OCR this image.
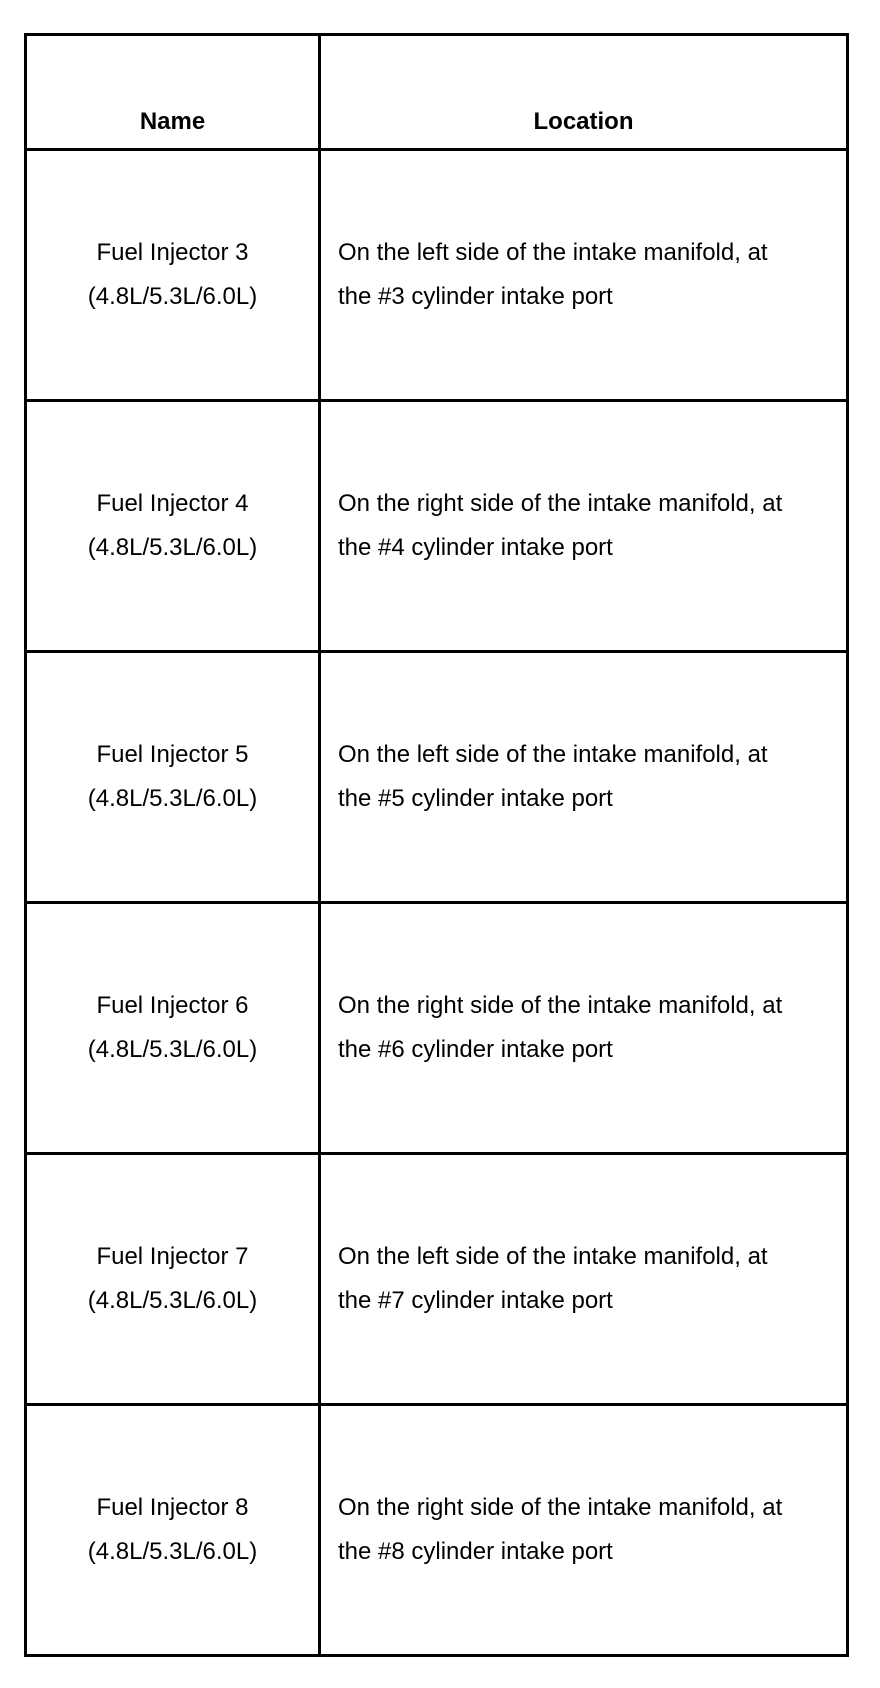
Name	Location

Fuel Injector 3
(4.8L/5.3L/6.0L)	On the left side of the intake manifold, at the #3 cylinder intake port

Fuel Injector 4
(4.8L/5.3L/6.0L)	On the right side of the intake manifold, at the #4 cylinder intake port

Fuel Injector 5
(4.8L/5.3L/6.0L)	On the left side of the intake manifold, at the #5 cylinder intake port

Fuel Injector 6
(4.8L/5.3L/6.0L)	On the right side of the intake manifold, at the #6 cylinder intake port

Fuel Injector 7
(4.8L/5.3L/6.0L)	On the left side of the intake manifold, at the #7 cylinder intake port

Fuel Injector 8
(4.8L/5.3L/6.0L)	On the right side of the intake manifold, at the #8 cylinder intake port
